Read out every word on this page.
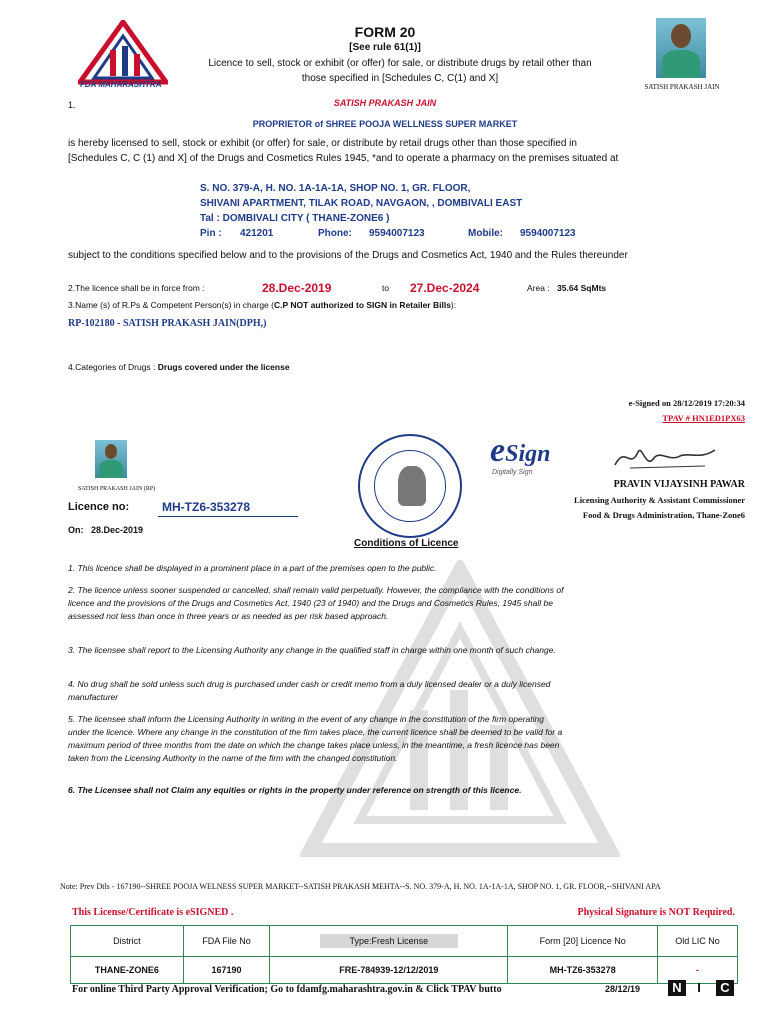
FDA MAHARASHTRA
FORM 20
[See rule 61(1)]
Licence to sell, stock or exhibit (or offer) for sale, or distribute drugs by retail other than those specified in [Schedules C, C(1) and X]
SATISH PRAKASH JAIN
1.	SATISH PRAKASH JAIN
PROPRIETOR of SHREE POOJA WELLNESS SUPER MARKET
is hereby licensed to sell, stock or exhibit (or offer) for sale, or distribute by retail drugs other than those specified in [Schedules C, C (1) and X] of the Drugs and Cosmetics Rules 1945, *and to operate a pharmacy on the premises situated at
S. NO. 379-A, H. NO. 1A-1A-1A, SHOP NO. 1, GR. FLOOR,
SHIVANI APARTMENT, TILAK ROAD, NAVGAON, , DOMBIVALI EAST
Tal : DOMBIVALI CITY ( THANE-ZONE6 )
Pin : 421201	Phone: 9594007123	Mobile: 9594007123
subject to the conditions specified below and to the provisions of the Drugs and Cosmetics Act, 1940 and the Rules thereunder
2.The licence shall be in force from :	28.Dec-2019	to 27.Dec-2024	Area : 35.64 SqMts
3.Name (s) of R.Ps & Competent Person(s) in charge (C.P NOT authorized to SIGN in Retailer Bills):
RP-102180 - SATISH PRAKASH JAIN(DPH,)
4.Categories of Drugs : Drugs covered under the license
e-Signed on 28/12/2019 17:20:34
TPAV # HN1ED1PX63
SATISH PRAKASH JAIN (RP)
eSign
Digitally Sign
PRAVIN VIJAYSINH PAWAR
Licensing Authority & Assistant Commissioner
Food & Drugs Administration, Thane-Zone6
Licence no:	MH-TZ6-353278
On: 28.Dec-2019
Conditions of Licence
1. This licence shall be displayed in a prominent place in a part of the premises open to the public.
2. The licence unless sooner suspended or cancelled, shall remain valid perpetually. However, the compliance with the conditions of licence and the provisions of the Drugs and Cosmetics Act, 1940 (23 of 1940) and the Drugs and Cosmetics Rules, 1945 shall be assessed not less than once in three years or as needed as per risk based approach.
3. The licensee shall report to the Licensing Authority any change in the qualified staff in charge within one month of such change.
4. No drug shall be sold unless such drug is purchased under cash or credit memo from a duly licensed dealer or a duly licensed manufacturer
5. The licensee shall inform the Licensing Authority in writing in the event of any change in the constitution of the firm operating under the licence. Where any change in the constitution of the firm takes place, the current licence shall be deemed to be valid for a maximum period of three months from the date on which the change takes place unless, in the meantime, a fresh licence has been taken from the Licensing Authority in the name of the firm with the changed constitution.
6. The Licensee shall not Claim any equities or rights in the property under reference on strength of this licence.
Note: Prev Dtls - 167190--SHREE POOJA WELNESS SUPER MARKET--SATISH PRAKASH MEHTA--S. NO. 379-A, H. NO. 1A-1A-1A, SHOP NO. 1, GR. FLOOR,--SHIVANI APA
This License/Certificate is eSIGNED .	Physical Signature is NOT Required.
District	FDA File No	Type:Fresh License	Form [20] Licence No	Old LIC No
THANE-ZONE6	167190	FRE-784939-12/12/2019	MH-TZ6-353278	-
For online Third Party Approval Verification; Go to fdamfg.maharashtra.gov.in & Click TPAV butto	28/12/19	N	I	C
